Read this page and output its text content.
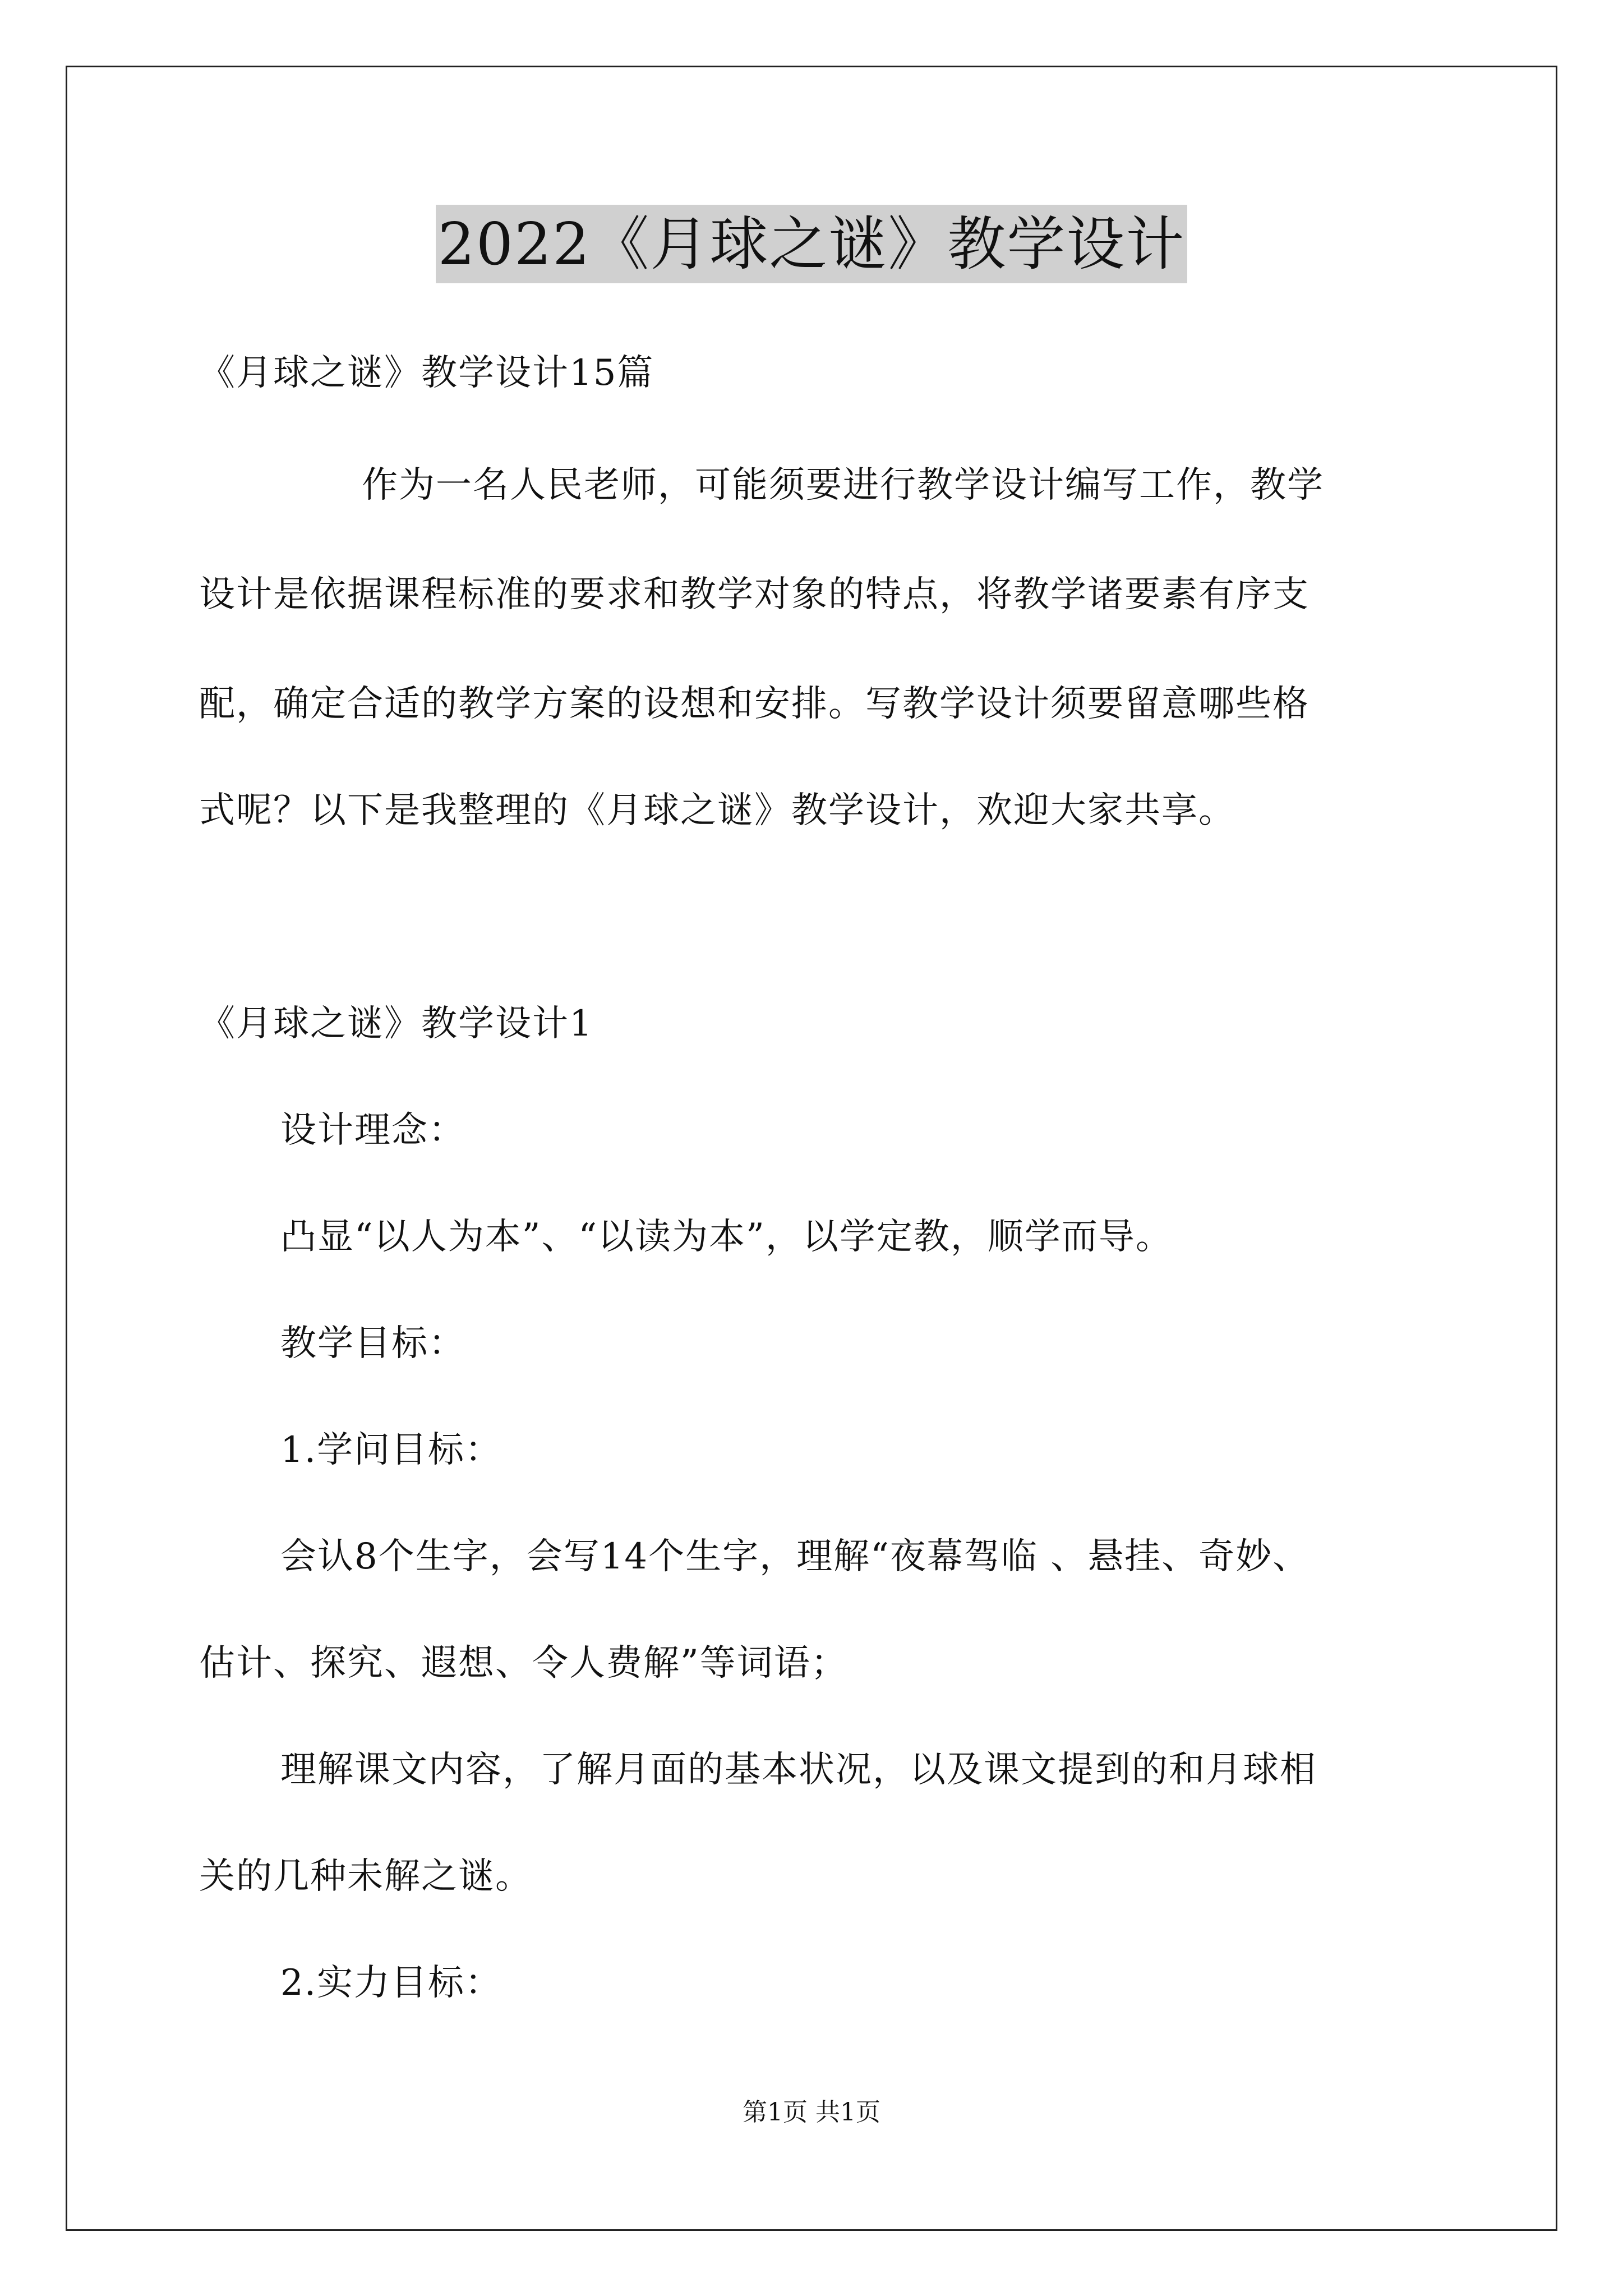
2022《月球之谜》教学设计
《月球之谜》教学设计15篇
作为一名人民老师，可能须要进行教学设计编写工作，教学
设计是依据课程标准的要求和教学对象的特点，将教学诸要素有序支
配，确定合适的教学方案的设想和安排。写教学设计须要留意哪些格
式呢？以下是我整理的《月球之谜》教学设计，欢迎大家共享。
《月球之谜》教学设计1
设计理念：
凸显“以人为本”、“以读为本”，以学定教，顺学而导。
教学目标：
1.学问目标：
会认8个生字，会写14个生字，理解“夜幕驾临 、悬挂、奇妙、
估计、探究、遐想、令人费解”等词语；
理解课文内容，了解月面的基本状况，以及课文提到的和月球相
关的几种未解之谜。
2.实力目标：
第1页 共1页
